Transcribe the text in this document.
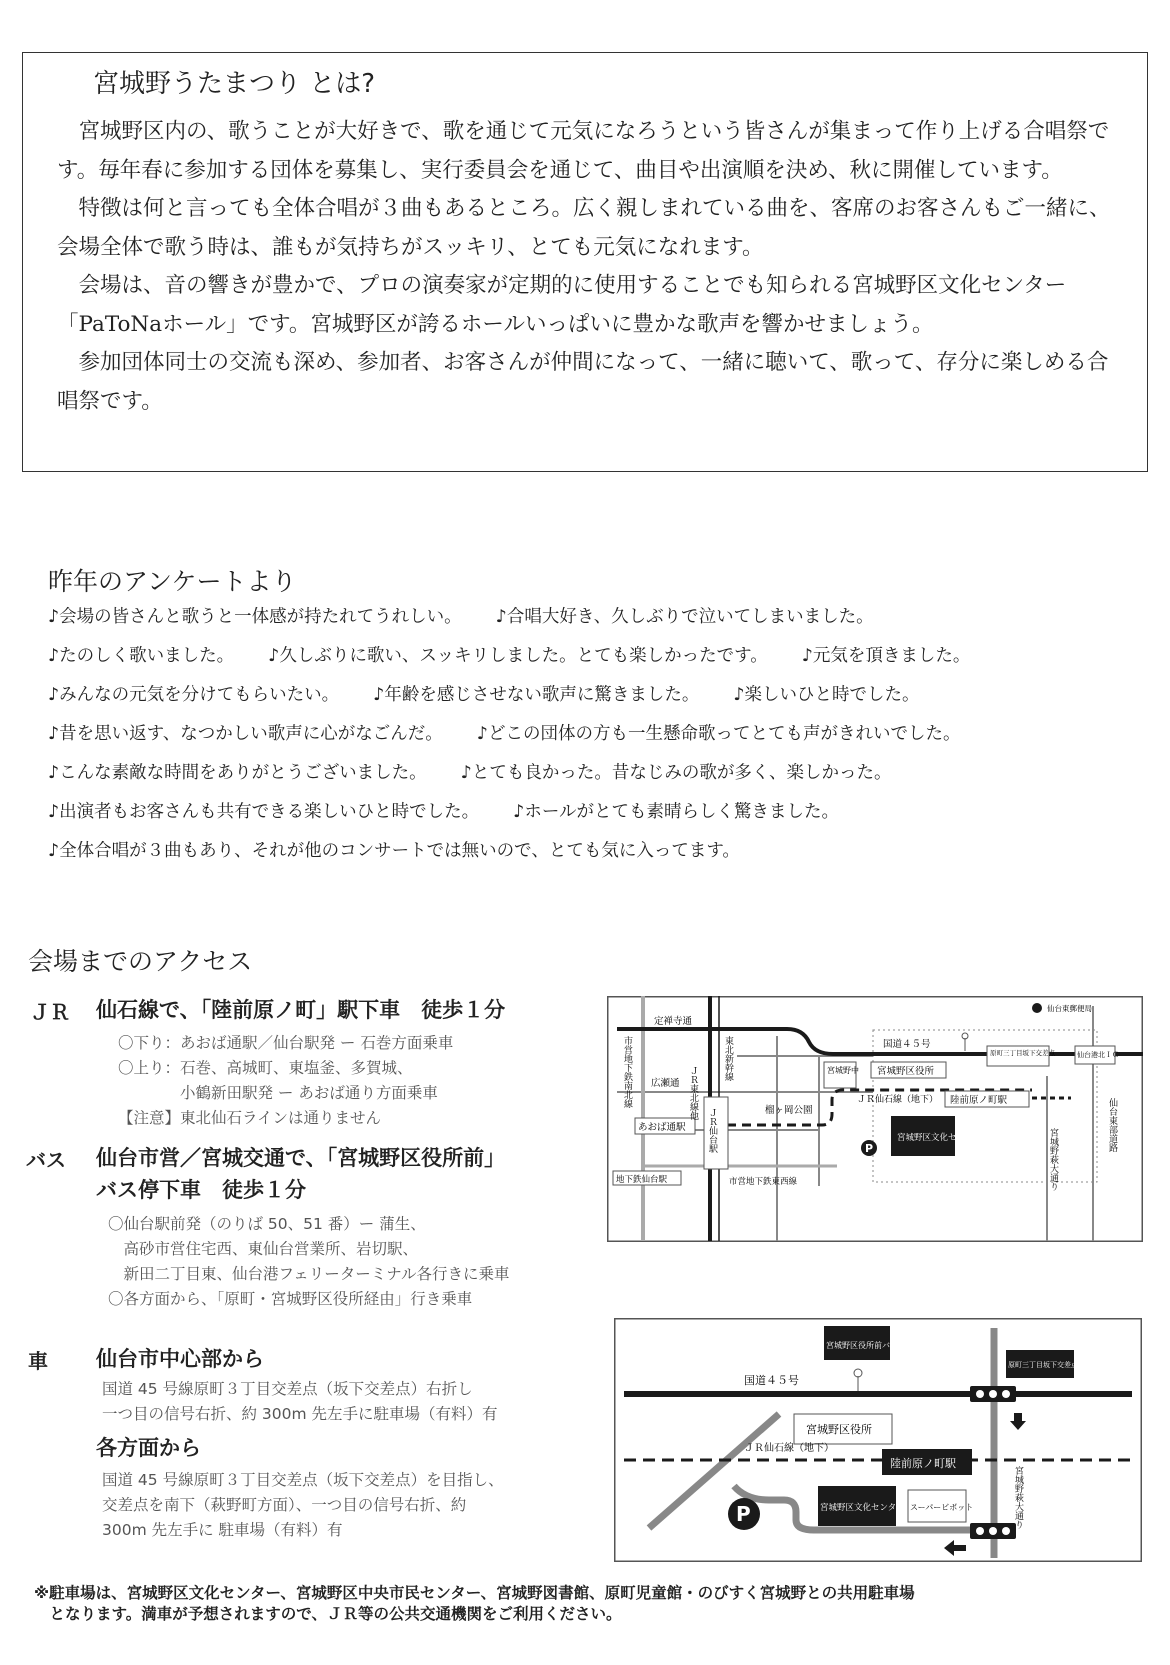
宮城野うたまつり とは?

宮城野区内の、歌うことが大好きで、歌を通じて元気になろうという皆さんが集まって作り上げる合唱祭です。毎年春に参加する団体を募集し、実行委員会を通じて、曲目や出演順を決め、秋に開催しています。

特徴は何と言っても全体合唱が３曲もあるところ。広く親しまれている曲を、客席のお客さんもご一緒に、会場全体で歌う時は、誰もが気持ちがスッキリ、とても元気になれます。

会場は、音の響きが豊かで、プロの演奏家が定期的に使用することでも知られる宮城野区文化センター「PaToNaホール」です。宮城野区が誇るホールいっぱいに豊かな歌声を響かせましょう。

参加団体同士の交流も深め、参加者、お客さんが仲間になって、一緒に聴いて、歌って、存分に楽しめる合唱祭です。

昨年のアンケートより
♪会場の皆さんと歌うと一体感が持たれてうれしい。 ♪合唱大好き、久しぶりで泣いてしまいました。
♪たのしく歌いました。 ♪久しぶりに歌い、スッキリしました。とても楽しかったです。 ♪元気を頂きました。
♪みんなの元気を分けてもらいたい。 ♪年齢を感じさせない歌声に驚きました。 ♪楽しいひと時でした。
♪昔を思い返す、なつかしい歌声に心がなごんだ。 ♪どこの団体の方も一生懸命歌ってとても声がきれいでした。
♪こんな素敵な時間をありがとうございました。 ♪とても良かった。昔なじみの歌が多く、楽しかった。
♪出演者もお客さんも共有できる楽しいひと時でした。 ♪ホールがとても素晴らしく驚きました。
♪全体合唱が３曲もあり、それが他のコンサートでは無いので、とても気に入ってます。
会場までのアクセス
ＪＲ 仙石線で、「陸前原ノ町」駅下車　徒歩１分
〇下り：あおば通駅／仙台駅発 ー 石巻方面乗車
〇上り：石巻、高城町、東塩釜、多賀城、
　　　　小鶴新田駅発 ー あおば通り方面乗車
【注意】東北仙石ラインは通りません
バス 仙台市営／宮城交通で、「宮城野区役所前」
バス停下車　徒歩１分
〇仙台駅前発（のりば 50、51 番）ー 蒲生、
　高砂市営住宅西、東仙台営業所、岩切駅、
　新田二丁目東、仙台港フェリーターミナル各行きに乗車
〇各方面から、「原町・宮城野区役所経由」行き乗車
車 仙台市中心部から
国道 45 号線原町３丁目交差点（坂下交差点）右折し
一つ目の信号右折、約 300m 先左手に駐車場（有料）有
各方面から
国道 45 号線原町３丁目交差点（坂下交差点）を目指し、
交差点を南下（萩野町方面）、一つ目の信号右折、約
300m 先左手に 駐車場（有料）有
定禅寺通
広瀬通
国道４５号
宮城野区役所
宮城野中
ＪＲ仙石線（地下）
榴ヶ岡公園
陸前原ノ町駅
あおば通駅 ＪＲ仙台駅
地下鉄仙台駅	市営地下鉄東西線
宮城野区文化センター
P
原町三丁目坂下交差点
仙台東郵便局
仙台港北ＩＣ
仙台東部道路
宮城野萩大通り
市営地下鉄南北線	東北新幹線
ＪＲ東北線他
宮城野区役所前バス停
国道４５号
原町三丁目坂下交差点
宮城野区役所
ＪＲ仙石線（地下）
陸前原ノ町駅
宮城野区文化センター スーパービボット
P	宮城野萩大通り
※駐車場は、宮城野区文化センター、宮城野区中央市民センター、宮城野図書館、原町児童館・のびすく宮城野との共用駐車場
　となります。満車が予想されますので、ＪＲ等の公共交通機関をご利用ください。
